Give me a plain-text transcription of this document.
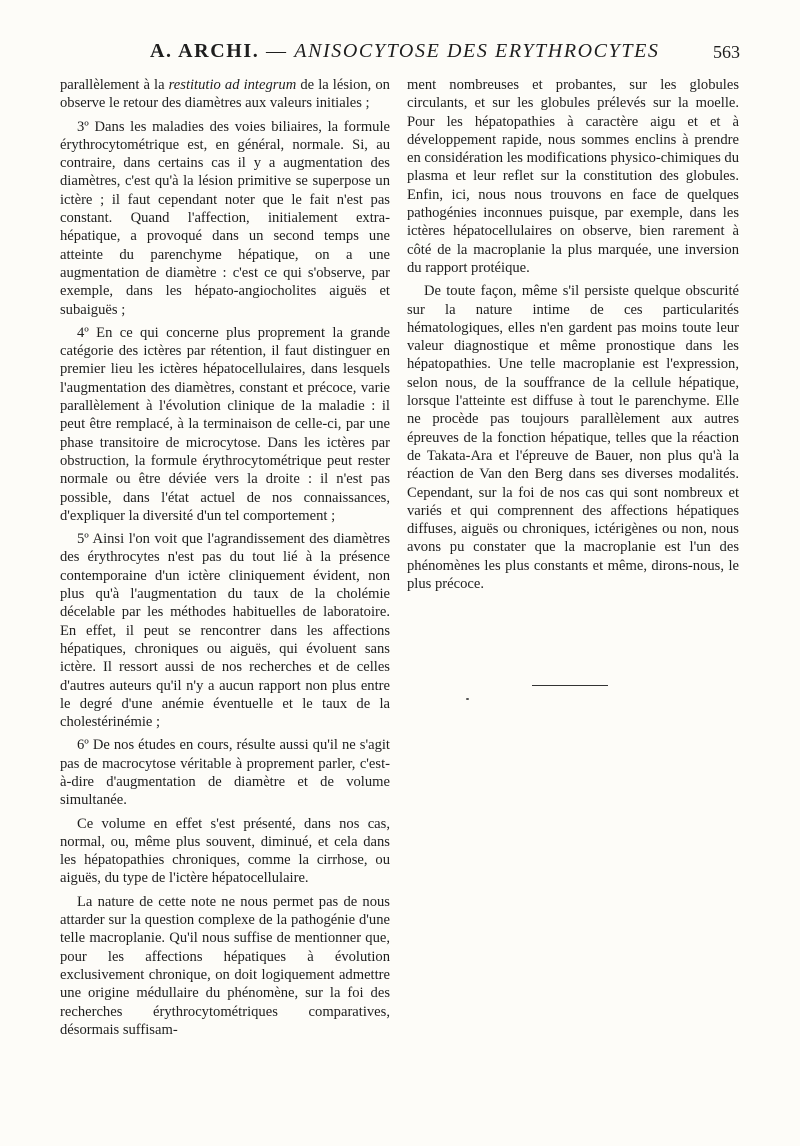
A. ARCHI. — ANISOCYTOSE DES ERYTHROCYTES	563

parallèlement à la restitutio ad integrum de la lésion, on observe le retour des diamètres aux valeurs initiales ;

3º Dans les maladies des voies biliaires, la formule érythrocytométrique est, en général, normale. Si, au contraire, dans certains cas il y a augmentation des diamètres, c'est qu'à la lésion primitive se superpose un ictère ; il faut cependant noter que le fait n'est pas constant. Quand l'affection, initialement extra-hépatique, a provoqué dans un second temps une atteinte du parenchyme hépatique, on a une augmentation de diamètre : c'est ce qui s'observe, par exemple, dans les hépato-angiocholites aiguës et subaiguës ;

4º En ce qui concerne plus proprement la grande catégorie des ictères par rétention, il faut distinguer en premier lieu les ictères hépatocellulaires, dans lesquels l'augmentation des diamètres, constant et précoce, varie parallèlement à l'évolution clinique de la maladie : il peut être remplacé, à la terminaison de celle-ci, par une phase transitoire de microcytose. Dans les ictères par obstruction, la formule érythrocytométrique peut rester normale ou être déviée vers la droite : il n'est pas possible, dans l'état actuel de nos connaissances, d'expliquer la diversité d'un tel comportement ;

5º Ainsi l'on voit que l'agrandissement des diamètres des érythrocytes n'est pas du tout lié à la présence contemporaine d'un ictère cliniquement évident, non plus qu'à l'augmentation du taux de la cholémie décelable par les méthodes habituelles de laboratoire. En effet, il peut se rencontrer dans les affections hépatiques, chroniques ou aiguës, qui évoluent sans ictère. Il ressort aussi de nos recherches et de celles d'autres auteurs qu'il n'y a aucun rapport non plus entre le degré d'une anémie éventuelle et le taux de la cholestérinémie ;

6º De nos études en cours, résulte aussi qu'il ne s'agit pas de macrocytose véritable à proprement parler, c'est-à-dire d'augmentation de diamètre et de volume simultanée.

Ce volume en effet s'est présenté, dans nos cas, normal, ou, même plus souvent, diminué, et cela dans les hépatopathies chroniques, comme la cirrhose, ou aiguës, du type de l'ictère hépatocellulaire.

La nature de cette note ne nous permet pas de nous attarder sur la question complexe de la pathogénie d'une telle macroplanie. Qu'il nous suffise de mentionner que, pour les affections hépatiques à évolution exclusivement chronique, on doit logiquement admettre une origine médullaire du phénomène, sur la foi des recherches érythrocytométriques comparatives, désormais suffisam-

ment nombreuses et probantes, sur les globules circulants, et sur les globules prélevés sur la moelle. Pour les hépatopathies à caractère aigu et et à développement rapide, nous sommes enclins à prendre en considération les modifications physico-chimiques du plasma et leur reflet sur la constitution des globules. Enfin, ici, nous nous trouvons en face de quelques pathogénies inconnues puisque, par exemple, dans les ictères hépatocellulaires on observe, bien rarement à côté de la macroplanie la plus marquée, une inversion du rapport protéique.

De toute façon, même s'il persiste quelque obscurité sur la nature intime de ces particularités hématologiques, elles n'en gardent pas moins toute leur valeur diagnostique et même pronostique dans les hépatopathies. Une telle macroplanie est l'expression, selon nous, de la souffrance de la cellule hépatique, lorsque l'atteinte est diffuse à tout le parenchyme. Elle ne procède pas toujours parallèlement aux autres épreuves de la fonction hépatique, telles que la réaction de Takata-Ara et l'épreuve de Bauer, non plus qu'à la réaction de Van den Berg dans ses diverses modalités. Cependant, sur la foi de nos cas qui sont nombreux et variés et qui comprennent des affections hépatiques diffuses, aiguës ou chroniques, ictérigènes ou non, nous avons pu constater que la macroplanie est l'un des phénomènes les plus constants et même, dirons-nous, le plus précoce.
